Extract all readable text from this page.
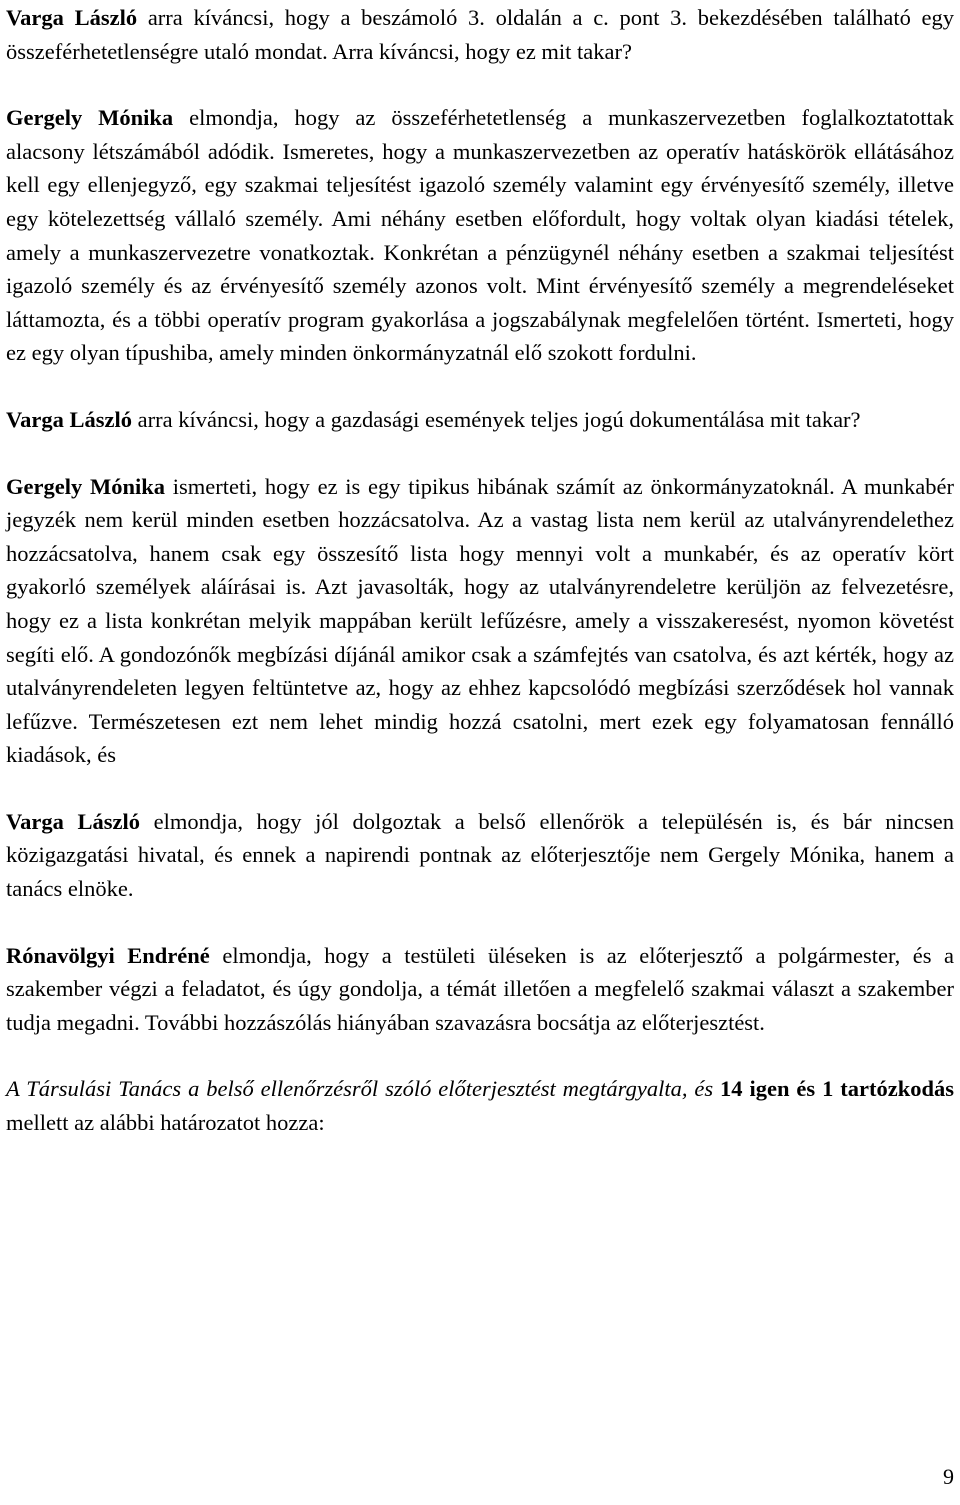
Varga László arra kíváncsi, hogy a beszámoló 3. oldalán a c. pont 3. bekezdésében található egy összeférhetetlenségre utaló mondat. Arra kíváncsi, hogy ez mit takar?

Gergely Mónika elmondja, hogy az összeférhetetlenség a munkaszervezetben foglalkoztatottak alacsony létszámából adódik. Ismeretes, hogy a munkaszervezetben az operatív hatáskörök ellátásához kell egy ellenjegyző, egy szakmai teljesítést igazoló személy valamint egy érvényesítő személy, illetve egy kötelezettség vállaló személy. Ami néhány esetben előfordult, hogy voltak olyan kiadási tételek, amely a munkaszervezetre vonatkoztak. Konkrétan a pénzügynél néhány esetben a szakmai teljesítést igazoló személy és az érvényesítő személy azonos volt. Mint érvényesítő személy a megrendeléseket láttamozta, és a többi operatív program gyakorlása a jogszabálynak megfelelően történt. Ismerteti, hogy ez egy olyan típushiba, amely minden önkormányzatnál elő szokott fordulni.

Varga László arra kíváncsi, hogy a gazdasági események teljes jogú dokumentálása mit takar?

Gergely Mónika ismerteti, hogy ez is egy tipikus hibának számít az önkormányzatoknál. A munkabér jegyzék nem kerül minden esetben hozzácsatolva. Az a vastag lista nem kerül az utalványrendelethez hozzácsatolva, hanem csak egy összesítő lista hogy mennyi volt a munkabér, és az operatív kört gyakorló személyek aláírásai is. Azt javasolták, hogy az utalványrendeletre kerüljön az felvezetésre, hogy ez a lista konkrétan melyik mappában került lefűzésre, amely a visszakeresést, nyomon követést segíti elő. A gondozónők megbízási díjánál amikor csak a számfejtés van csatolva, és azt kérték, hogy az utalványrendeleten legyen feltüntetve az, hogy az ehhez kapcsolódó megbízási szerződések hol vannak lefűzve. Természetesen ezt nem lehet mindig hozzá csatolni, mert ezek egy folyamatosan fennálló kiadások, és

Varga László elmondja, hogy jól dolgoztak a belső ellenőrök a településén is, és bár nincsen közigazgatási hivatal, és ennek a napirendi pontnak az előterjesztője nem Gergely Mónika, hanem a tanács elnöke.

Rónavölgyi Endréné elmondja, hogy a testületi üléseken is az előterjesztő a polgármester, és a szakember végzi a feladatot, és úgy gondolja, a témát illetően a megfelelő szakmai választ a szakember tudja megadni. További hozzászólás hiányában szavazásra bocsátja az előterjesztést.

A Társulási Tanács a belső ellenőrzésről szóló előterjesztést megtárgyalta, és 14 igen és 1 tartózkodás mellett az alábbi határozatot hozza:

9
